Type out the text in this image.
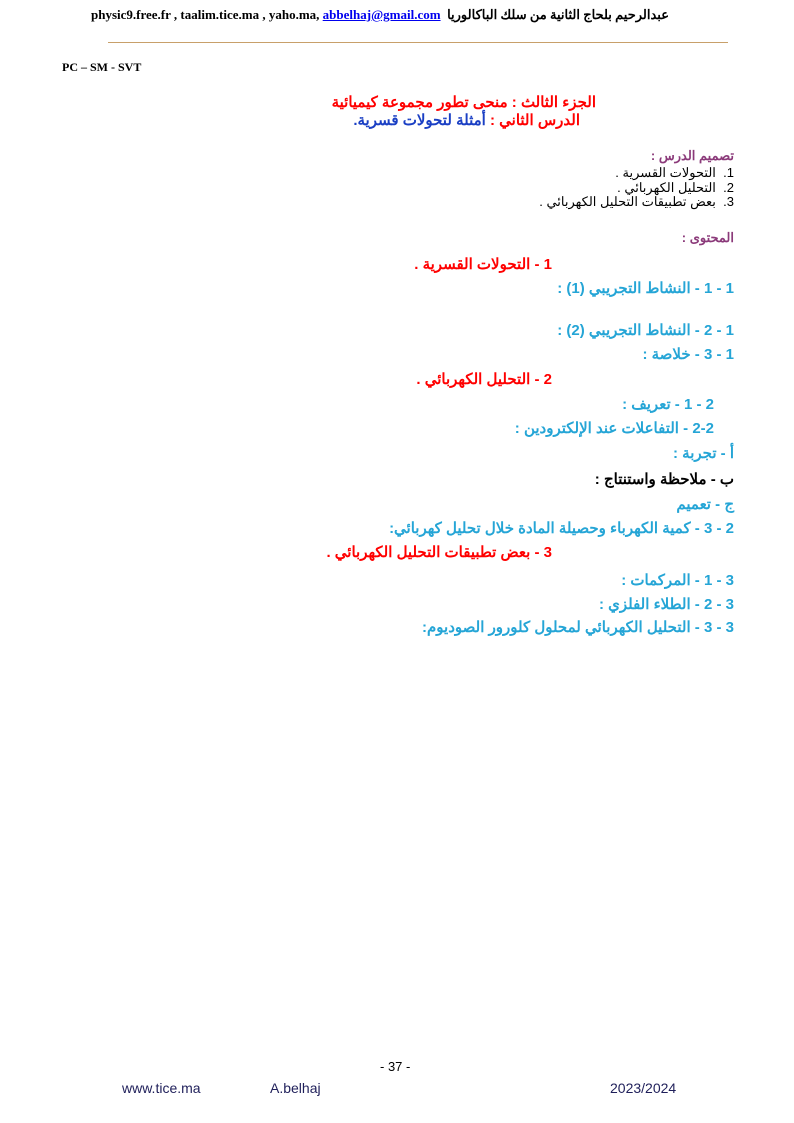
physic9.free.fr , taalim.tice.ma , yaho.ma, abbelhaj@gmail.com عبدالرحيم بلحاج الثانية من سلك الباكالوريا
PC – SM - SVT
الجزء الثالث : منحى تطور مجموعة كيميائية
الدرس الثاني : أمثلة لتحولات قسرية.
تصميم الدرس :
1.  التحولات القسرية .
2.  التحليل الكهربائي .
3.  بعض تطبيقات التحليل الكهربائي .
المحتوى :
1 - التحولات القسرية .
1 - 1 - النشاط التجريبي (1) :
1 - 2 - النشاط التجريبي (2) :
1 - 3 - خلاصة :
2 - التحليل الكهربائي .
2 - 1 - تعريف :
2-2 - التفاعلات عند الإلكترودين :
أ - تجربة :
ب - ملاحظة واستنتاج :
ج - تعميم
2 - 3 - كمية الكهرباء وحصيلة المادة خلال تحليل كهربائي:
3 - بعض تطبيقات التحليل الكهربائي .
3 - 1 - المركمات :
3 - 2 - الطلاء الفلزي :
3 - 3 - التحليل الكهربائي لمحلول كلورور الصوديوم:
- 37 -
www.tice.ma	A.belhaj	2023/2024
